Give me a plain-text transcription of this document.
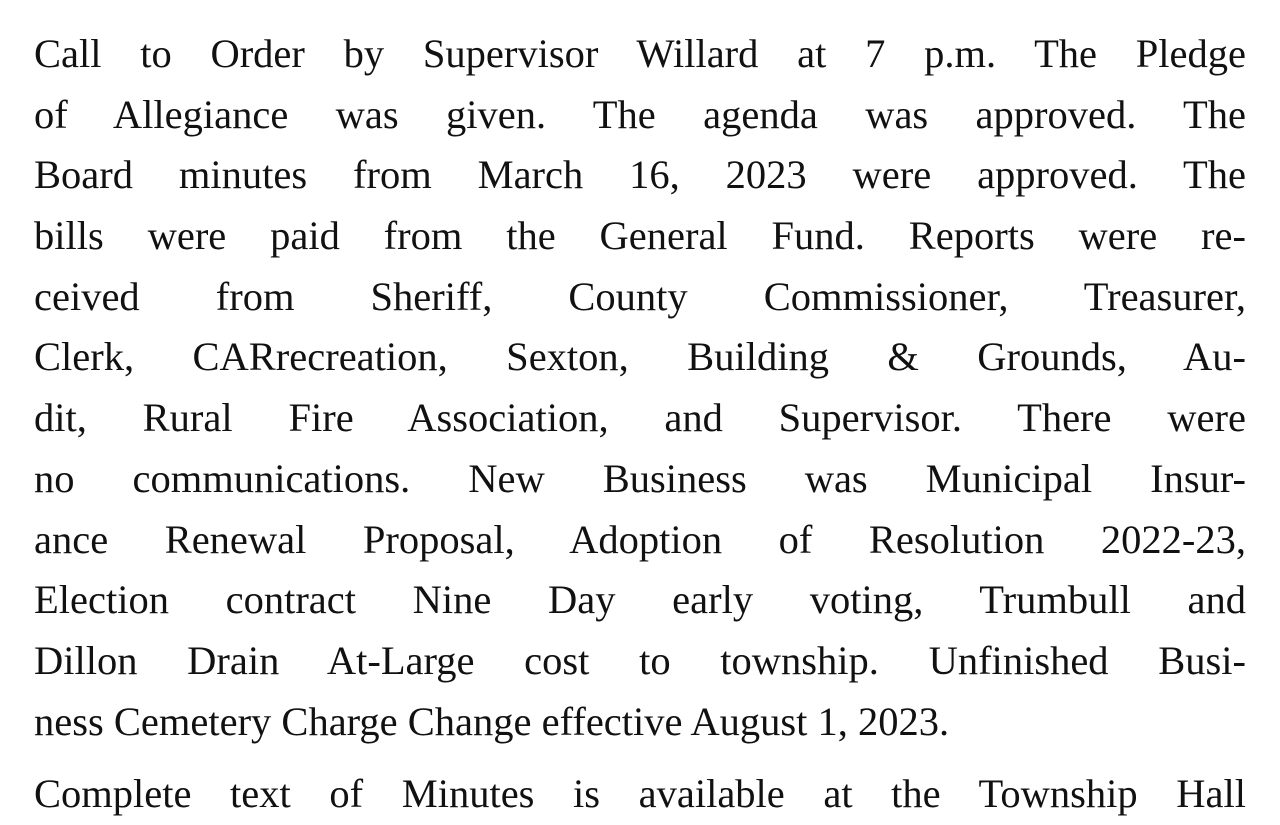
Call to Order by Supervisor Willard at 7 p.m. The Pledge
of Allegiance was given. The agenda was approved. The
Board minutes from March 16, 2023 were approved. The
bills were paid from the General Fund. Reports were re-
ceived from Sheriff, County Commissioner, Treasurer,
Clerk, CARrecreation, Sexton, Building & Grounds, Au-
dit, Rural Fire Association, and Supervisor. There were
no communications. New Business was Municipal Insur-
ance Renewal Proposal, Adoption of Resolution 2022-23,
Election contract Nine Day early voting, Trumbull and
Dillon Drain At-Large cost to township. Unfinished Busi-
ness Cemetery Charge Change effective August 1, 2023.
Complete text of Minutes is available at the Township Hall
